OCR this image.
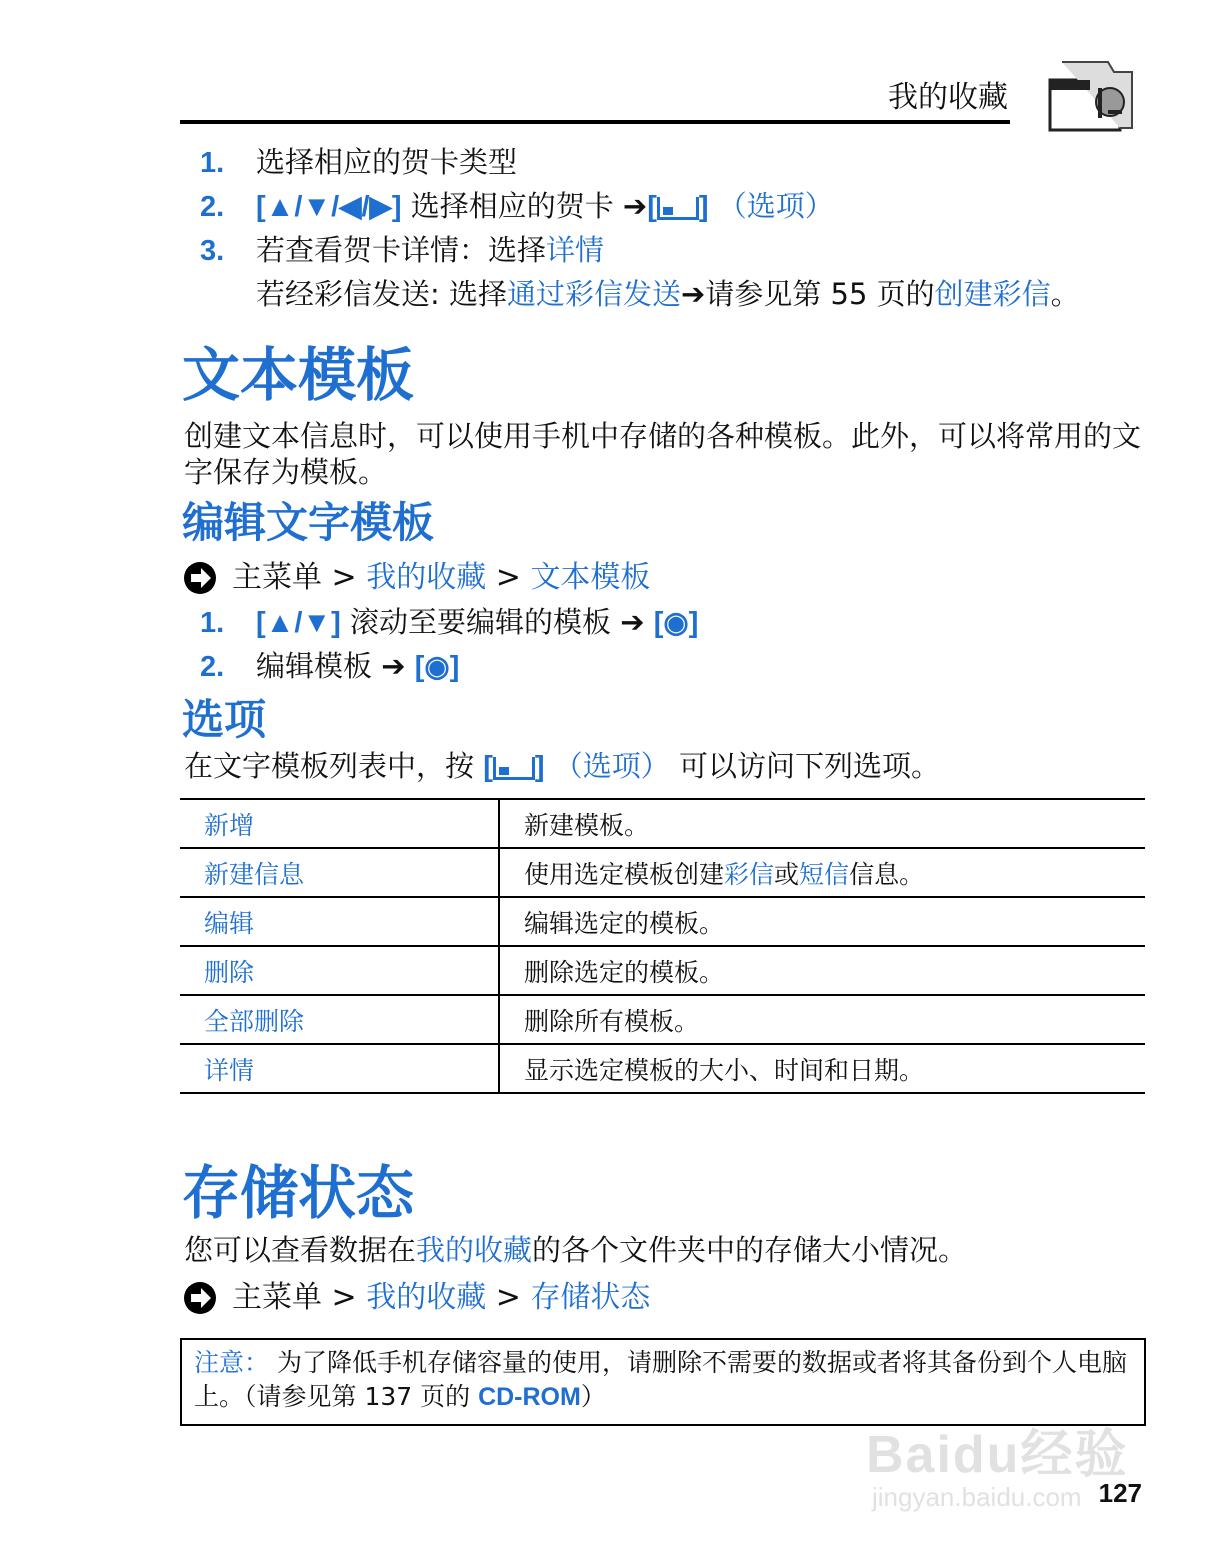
我的收藏
1. 选择相应的贺卡类型
2. [▲/▼/◀/▶] 选择相应的贺卡 ➔[ ] （选项）
3. 若查看贺卡详情：选择详情
若经彩信发送: 选择通过彩信发送➔请参见第 55 页的创建彩信。
文本模板
创建文本信息时，可以使用手机中存储的各种模板。此外，可以将常用的文字保存为模板。
编辑文字模板
主菜单 > 我的收藏 > 文本模板
1. [▲/▼] 滚动至要编辑的模板 ➔ [◉]
2. 编辑模板 ➔ [◉]
选项
在文字模板列表中，按 [ ] （选项） 可以访问下列选项。
新增	新建模板。
新建信息	使用选定模板创建彩信或短信信息。
编辑	编辑选定的模板。
删除	删除选定的模板。
全部删除	删除所有模板。
详情	显示选定模板的大小、时间和日期。
存储状态
您可以查看数据在我的收藏的各个文件夹中的存储大小情况。
主菜单 > 我的收藏 > 存储状态
注意： 为了降低手机存储容量的使用，请删除不需要的数据或者将其备份到个人电脑上。（请参见第 137 页的 CD-ROM）
Baidu经验
jingyan.baidu.com 127
